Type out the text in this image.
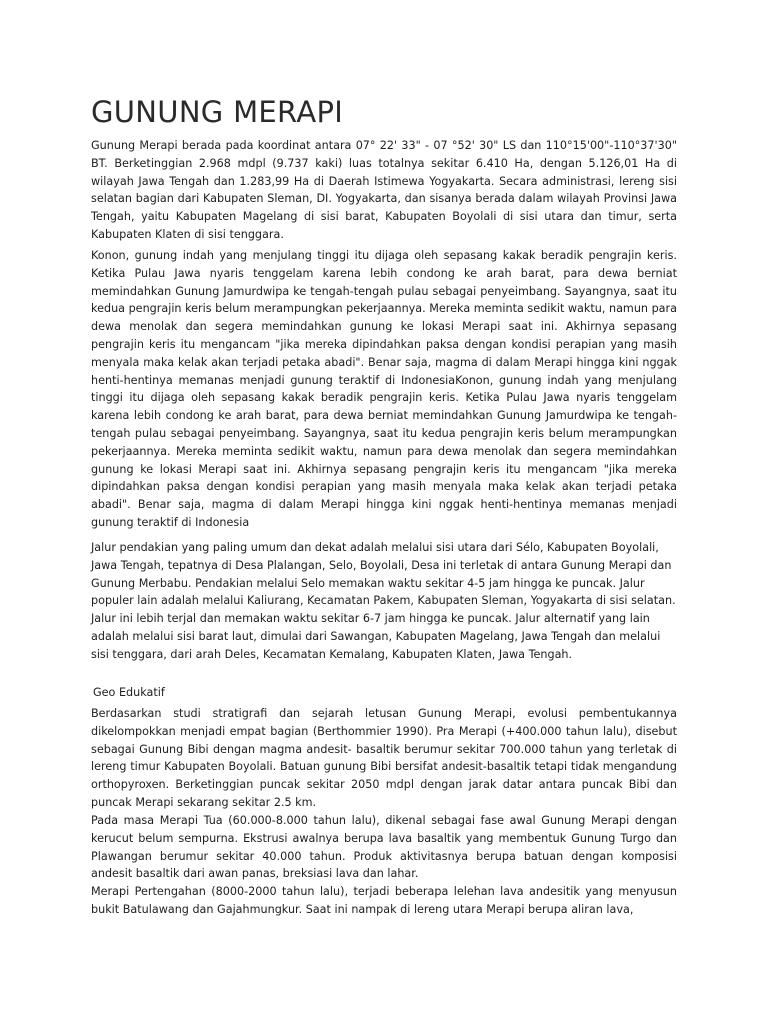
GUNUNG MERAPI

Gunung Merapi berada pada koordinat antara 07° 22' 33" - 07 °52' 30" LS dan 110°15'00"-110°37'30" BT. Berketinggian 2.968 mdpl (9.737 kaki) luas totalnya sekitar 6.410 Ha, dengan 5.126,01 Ha di wilayah Jawa Tengah dan 1.283,99 Ha di Daerah Istimewa Yogyakarta. Secara administrasi, lereng sisi selatan bagian dari Kabupaten Sleman, DI. Yogyakarta, dan sisanya berada dalam wilayah Provinsi Jawa Tengah, yaitu Kabupaten Magelang di sisi barat, Kabupaten Boyolali di sisi utara dan timur, serta Kabupaten Klaten di sisi tenggara.

Konon, gunung indah yang menjulang tinggi itu dijaga oleh sepasang kakak beradik pengrajin keris. Ketika Pulau Jawa nyaris tenggelam karena lebih condong ke arah barat, para dewa berniat memindahkan Gunung Jamurdwipa ke tengah-tengah pulau sebagai penyeimbang. Sayangnya, saat itu kedua pengrajin keris belum merampungkan pekerjaannya. Mereka meminta sedikit waktu, namun para dewa menolak dan segera memindahkan gunung ke lokasi Merapi saat ini. Akhirnya sepasang pengrajin keris itu mengancam "jika mereka dipindahkan paksa dengan kondisi perapian yang masih menyala maka kelak akan terjadi petaka abadi". Benar saja, magma di dalam Merapi hingga kini nggak henti-hentinya memanas menjadi gunung teraktif di IndonesiaKonon, gunung indah yang menjulang tinggi itu dijaga oleh sepasang kakak beradik pengrajin keris. Ketika Pulau Jawa nyaris tenggelam karena lebih condong ke arah barat, para dewa berniat memindahkan Gunung Jamurdwipa ke tengah-tengah pulau sebagai penyeimbang. Sayangnya, saat itu kedua pengrajin keris belum merampungkan pekerjaannya. Mereka meminta sedikit waktu, namun para dewa menolak dan segera memindahkan gunung ke lokasi Merapi saat ini. Akhirnya sepasang pengrajin keris itu mengancam "jika mereka dipindahkan paksa dengan kondisi perapian yang masih menyala maka kelak akan terjadi petaka abadi". Benar saja, magma di dalam Merapi hingga kini nggak henti-hentinya memanas menjadi gunung teraktif di Indonesia

Jalur pendakian yang paling umum dan dekat adalah melalui sisi utara dari Sélo, Kabupaten Boyolali, Jawa Tengah, tepatnya di Desa Plalangan, Selo, Boyolali, Desa ini terletak di antara Gunung Merapi dan Gunung Merbabu. Pendakian melalui Selo memakan waktu sekitar 4-5 jam hingga ke puncak. Jalur populer lain adalah melalui Kaliurang, Kecamatan Pakem, Kabupaten Sleman, Yogyakarta di sisi selatan. Jalur ini lebih terjal dan memakan waktu sekitar 6-7 jam hingga ke puncak. Jalur alternatif yang lain adalah melalui sisi barat laut, dimulai dari Sawangan, Kabupaten Magelang, Jawa Tengah dan melalui sisi tenggara, dari arah Deles, Kecamatan Kemalang, Kabupaten Klaten, Jawa Tengah.

Geo Edukatif

Berdasarkan studi stratigrafi dan sejarah letusan Gunung Merapi, evolusi pembentukannya dikelompokkan menjadi empat bagian (Berthommier 1990). Pra Merapi (+400.000 tahun lalu), disebut sebagai Gunung Bibi dengan magma andesit- basaltik berumur sekitar 700.000 tahun yang terletak di lereng timur Kabupaten Boyolali. Batuan gunung Bibi bersifat andesit-basaltik tetapi tidak mengandung orthopyroxen. Berketinggian puncak sekitar 2050 mdpl dengan jarak datar antara puncak Bibi dan puncak Merapi sekarang sekitar 2.5 km.

Pada masa Merapi Tua (60.000-8.000 tahun lalu), dikenal sebagai fase awal Gunung Merapi dengan kerucut belum sempurna. Ekstrusi awalnya berupa lava basaltik yang membentuk Gunung Turgo dan Plawangan berumur sekitar 40.000 tahun. Produk aktivitasnya berupa batuan dengan komposisi andesit basaltik dari awan panas, breksiasi lava dan lahar.

Merapi Pertengahan (8000-2000 tahun lalu), terjadi beberapa lelehan lava andesitik yang menyusun bukit Batulawang dan Gajahmungkur. Saat ini nampak di lereng utara Merapi berupa aliran lava,
